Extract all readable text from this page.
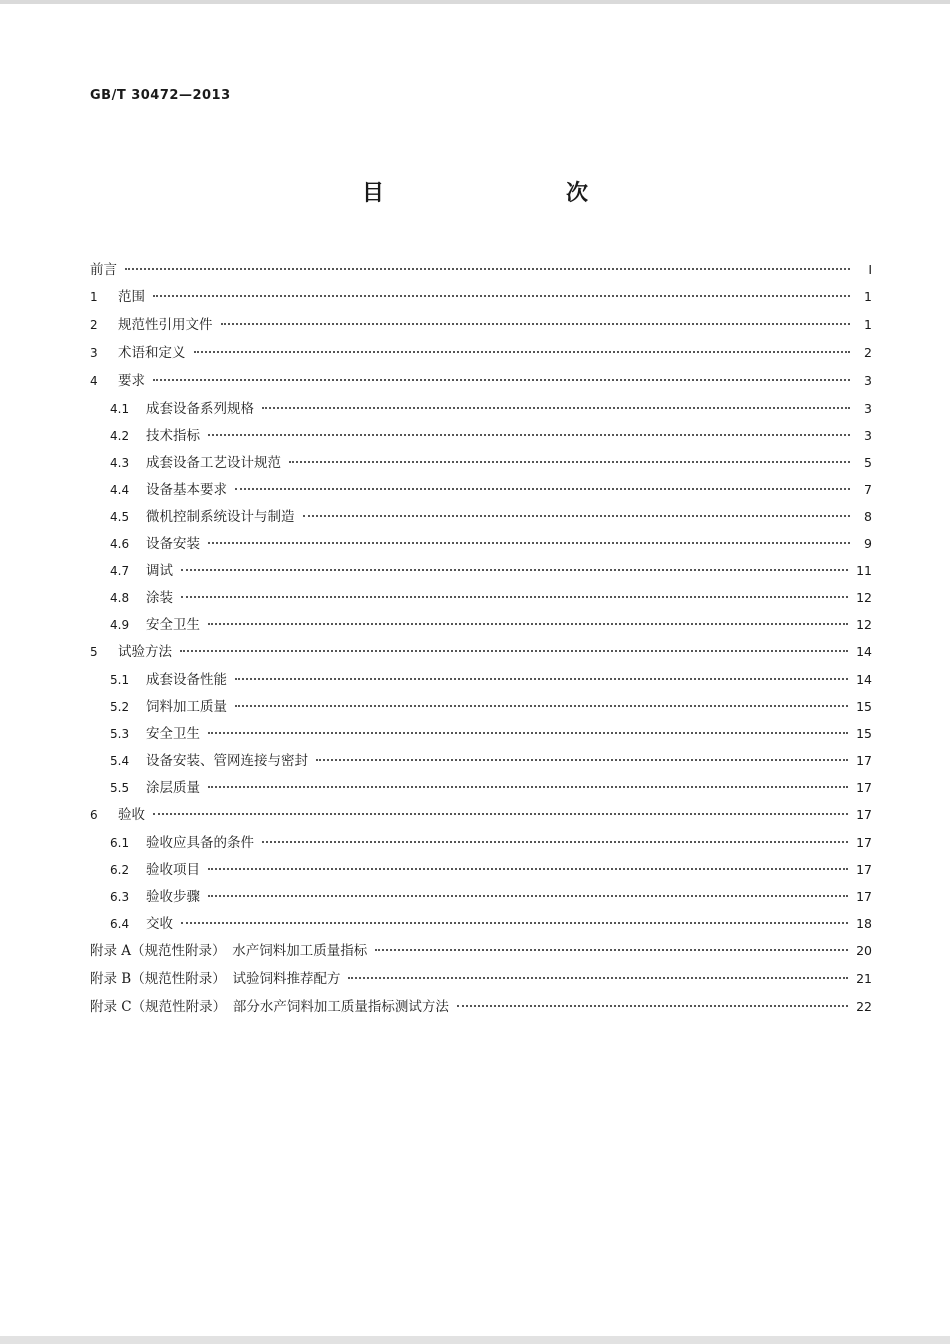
GB/T 30472—2013
目　　次
前言	Ⅰ
1	范围	1
2	规范性引用文件	1
3	术语和定义	2
4	要求	3
4.1	成套设备系列规格	3
4.2	技术指标	3
4.3	成套设备工艺设计规范	5
4.4	设备基本要求	7
4.5	微机控制系统设计与制造	8
4.6	设备安装	9
4.7	调试	11
4.8	涂装	12
4.9	安全卫生	12
5	试验方法	14
5.1	成套设备性能	14
5.2	饲料加工质量	15
5.3	安全卫生	15
5.4	设备安装、管网连接与密封	17
5.5	涂层质量	17
6	验收	17
6.1	验收应具备的条件	17
6.2	验收项目	17
6.3	验收步骤	17
6.4	交收	18
附录 A（规范性附录）　水产饲料加工质量指标	20
附录 B（规范性附录）　试验饲料推荐配方	21
附录 C（规范性附录）　部分水产饲料加工质量指标测试方法	22
